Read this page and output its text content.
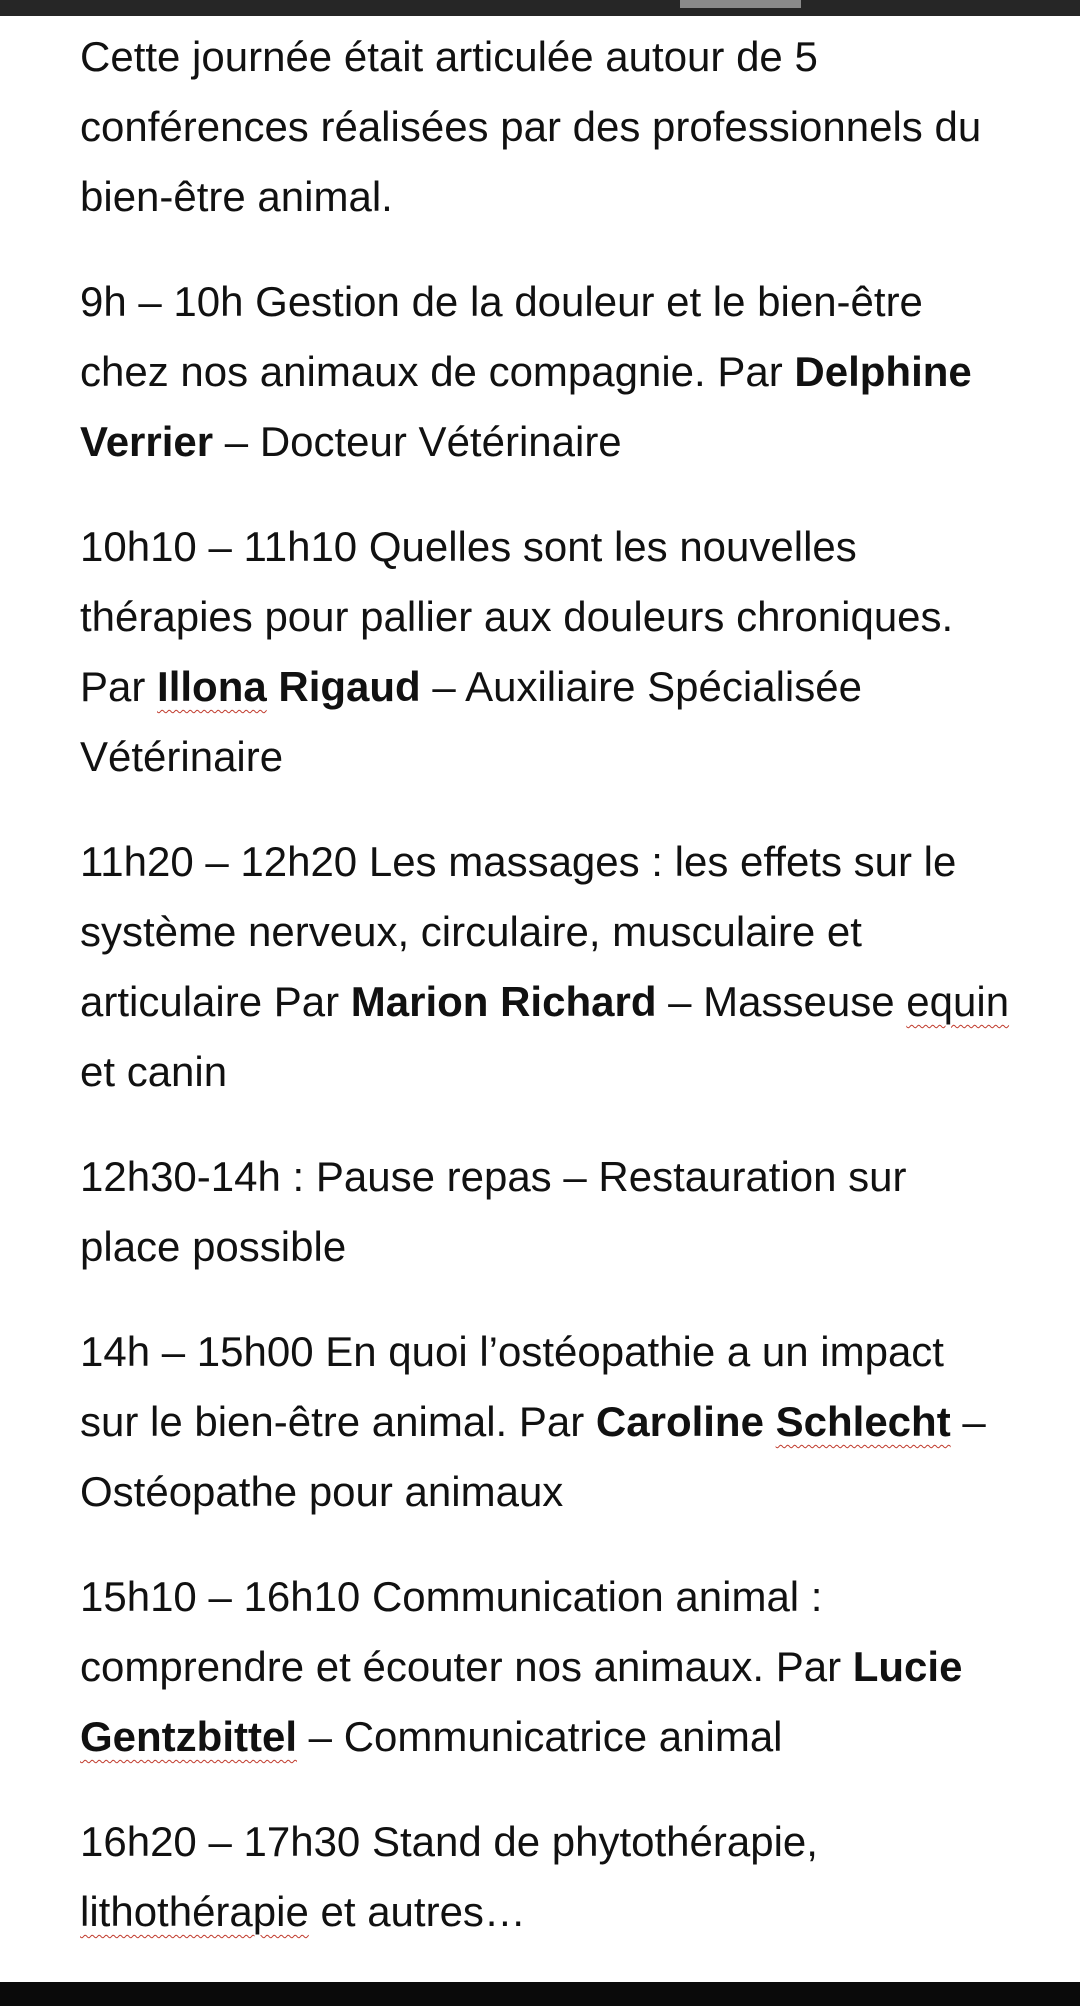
Cette journée était articulée autour de 5 conférences réalisées par des professionnels du bien-être animal.

9h – 10h Gestion de la douleur et le bien-être chez nos animaux de compagnie. Par Delphine Verrier – Docteur Vétérinaire

10h10 – 11h10 Quelles sont les nouvelles thérapies pour pallier aux douleurs chroniques. Par Illona Rigaud – Auxiliaire Spécialisée Vétérinaire

11h20 – 12h20 Les massages : les effets sur le système nerveux, circulaire, musculaire et articulaire Par Marion Richard – Masseuse equin et canin

12h30-14h : Pause repas – Restauration sur place possible

14h – 15h00 En quoi l’ostéopathie a un impact sur le bien-être animal. Par Caroline Schlecht – Ostéopathe pour animaux

15h10 – 16h10 Communication animal : comprendre et écouter nos animaux. Par Lucie Gentzbittel – Communicatrice animal

16h20 – 17h30 Stand de phytothérapie, lithothérapie et autres…
